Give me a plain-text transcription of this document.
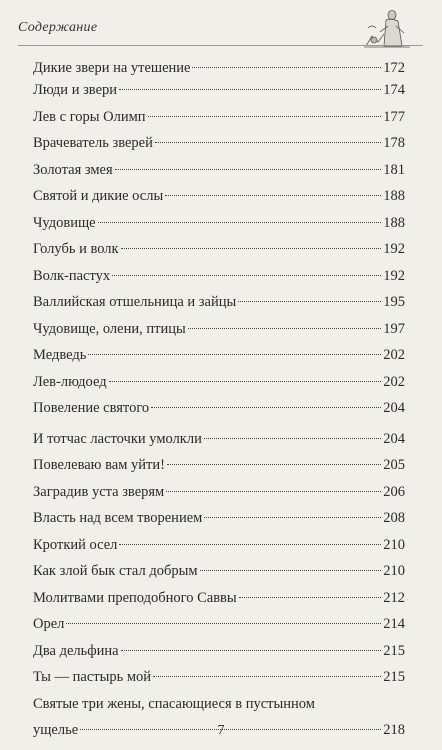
Содержание
Дикие звери на утешение	172
Люди и звери	174
Лев с горы Олимп	177
Врачеватель зверей	178
Золотая змея	181
Святой и дикие ослы	188
Чудовище	188
Голубь и волк	192
Волк-пастух	192
Валлийская отшельница и зайцы	195
Чудовище, олени, птицы	197
Медведь	202
Лев-людоед	202
Повеление святого	204
И тотчас ласточки умолкли	204
Повелеваю вам уйти!	205
Заградив уста зверям	206
Власть над всем творением	208
Кроткий осел	210
Как злой бык стал добрым	210
Молитвами преподобного Саввы	212
Орел	214
Два дельфина	215
Ты — пастырь мой	215
Святые три жены, спасающиеся в пустынном
ущелье	218
7
